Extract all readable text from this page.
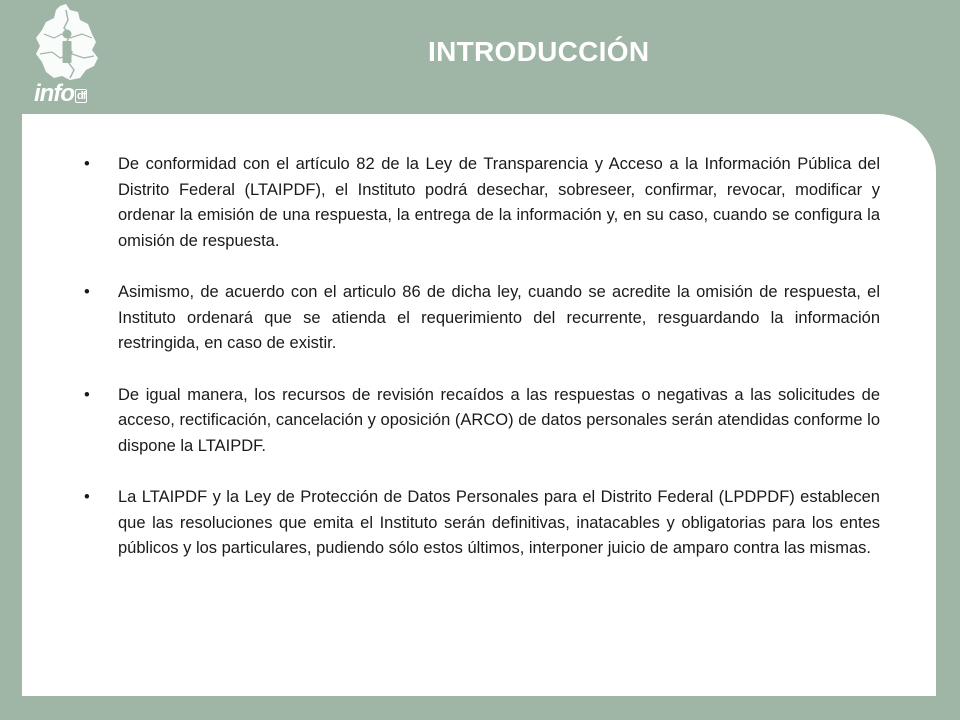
info df
INTRODUCCIÓN
• De conformidad con el artículo 82 de la Ley de Transparencia y Acceso a la Información Pública del Distrito Federal (LTAIPDF), el Instituto podrá desechar, sobreseer, confirmar, revocar, modificar y ordenar la emisión de una respuesta, la entrega de la información y, en su caso, cuando se configura la omisión de respuesta.
• Asimismo, de acuerdo con el articulo 86 de dicha ley, cuando se acredite la omisión de respuesta, el Instituto ordenará que se atienda el requerimiento del recurrente, resguardando la información restringida, en caso de existir.
• De igual manera, los recursos de revisión recaídos a las respuestas o negativas a las solicitudes de acceso, rectificación, cancelación y oposición (ARCO) de datos personales serán atendidas conforme lo dispone la LTAIPDF.
• La LTAIPDF y la Ley de Protección de Datos Personales para el Distrito Federal (LPDPDF) establecen que las resoluciones que emita el Instituto serán definitivas, inatacables y obligatorias para los entes públicos y los particulares, pudiendo sólo estos últimos, interponer juicio de amparo contra las mismas.
